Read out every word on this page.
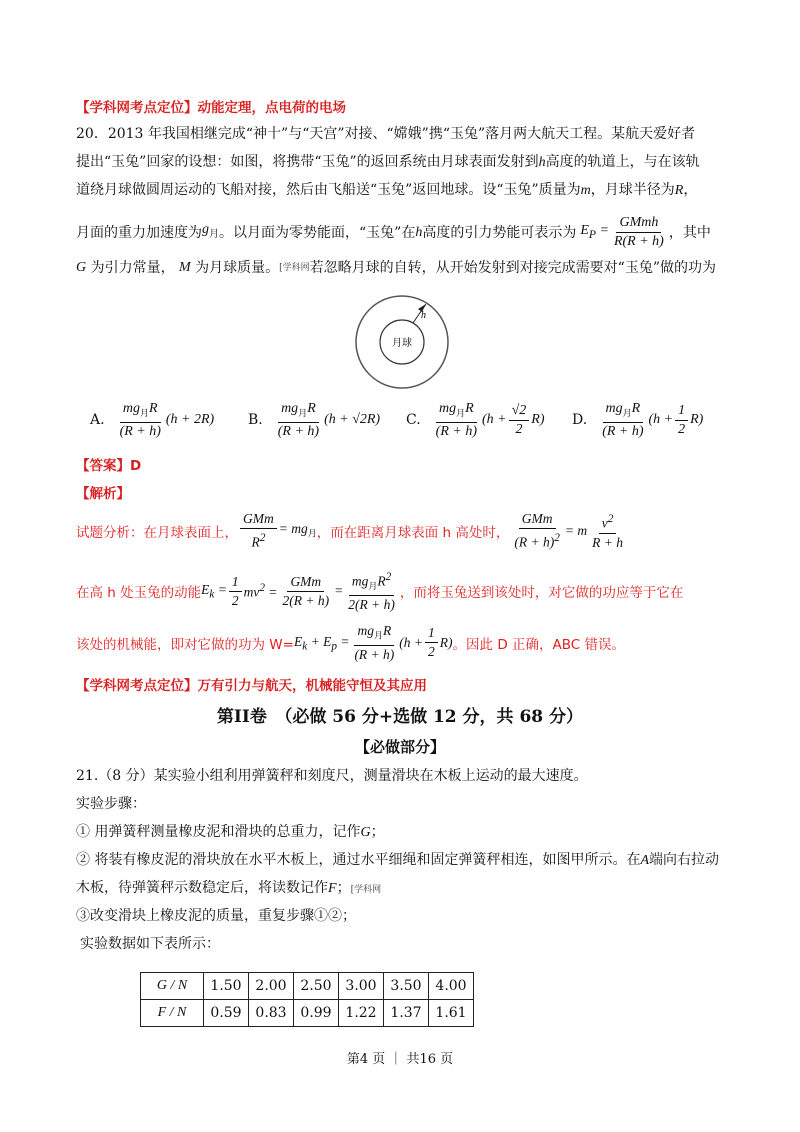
【学科网考点定位】动能定理，点电荷的电场
20．2013 年我国相继完成“神十”与“天宫”对接、“嫦娥”携“玉兔”落月两大航天工程。某航天爱好者
提出“玉兔”回家的设想：如图，将携带“玉兔”的返回系统由月球表面发射到h高度的轨道上，与在该轨
道绕月球做圆周运动的飞船对接，然后由飞船送“玉兔”返回地球。设“玉兔”质量为m，月球半径为R，
月面的重力加速度为 $g_月$ 。以月面为零势能面，“玉兔”在 h 高度的引力势能可表示为 $E_P = \frac{\text{GMmh}}{R(R + h)}$ ，其中
G
为引力常量，
M
为月球质量。 [学科网 若忽略月球的自转，从开始发射到对接完成需要对“玉兔”做的功为
h
月球
A. $\frac{mg_月R}{(R + h)} (h + 2R)$ B. $\frac{mg_月R}{(R + h)} (h + √2R)$ C. $\frac{mg_月R}{(R + h)} (h + \frac{√2}{2} R)$ D. $\frac{mg_月R}{(R + h)} (h + \frac{1}{2} R)$
【答案】D
【解析】
试题分析：在月球表面上， $\frac{\text{GMm}}{R^2} = mg_月$ ，而在距离月球表面 h 高处时， $\frac{\text{GMm}}{(R + h)^2} = m \frac{v^2}{R + h}$
在高 h 处玉兔的动能 $E_k = \frac{1}{2} mv^2 = \frac{\text{GMm}}{2(R + h)} = \frac{mg_月R^2}{2(R + h)}$ ，而将玉兔送到该处时，对它做的功应等于它在
该处的机械能，即对它做的功为 $W= E_k + E_p = \frac{mg_月R}{(R + h)} (h + \frac{1}{2} R)$ 。因此 D 正确，ABC 错误。
【学科网考点定位】万有引力与航天，机械能守恒及其应用
第II卷　（必做 56 分+选做 12 分，共 68 分）
【必做部分】
21.（8 分）某实验小组利用弹簧秤和刻度尺，测量滑块在木板上运动的最大速度。
实验步骤：
① 用弹簧秤测量橡皮泥和滑块的总重力，记作G；
② 将装有橡皮泥的滑块放在水平木板上，通过水平细绳和固定弹簧秤相连，如图甲所示。在A端向右拉动
木板，待弹簧秤示数稳定后，将读数记作F；[学科网
③改变滑块上橡皮泥的质量，重复步骤①②；
实验数据如下表所示：
G / N	1.50	2.00	2.50	3.00	3.50	4.00
F / N	0.59	0.83	0.99	1.22	1.37	1.61
第4 页 ｜ 共16 页
